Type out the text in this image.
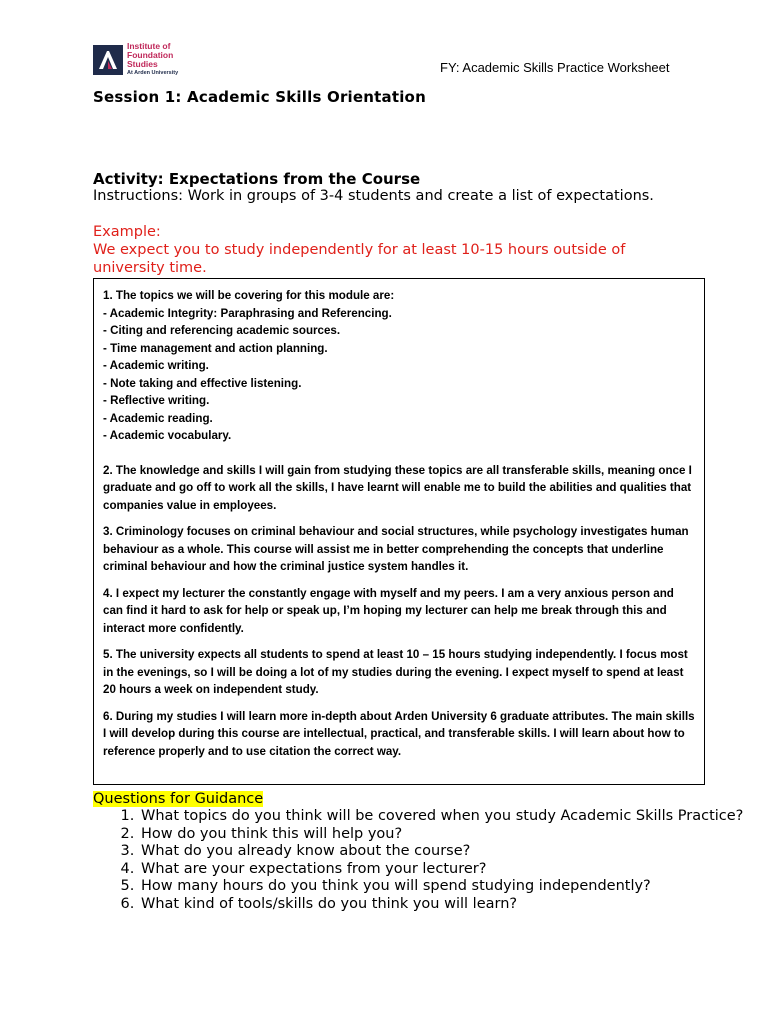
Institute of
Foundation
Studies
At Arden University	FY: Academic Skills Practice Worksheet
Session 1: Academic Skills Orientation
Activity: Expectations from the Course
Instructions: Work in groups of 3-4 students and create a list of expectations.
Example:
We expect you to study independently for at least 10-15 hours outside of university time.

1. The topics we will be covering for this module are:

- Academic Integrity: Paraphrasing and Referencing.
- Citing and referencing academic sources.
- Time management and action planning.
- Academic writing.
- Note taking and effective listening.
- Reflective writing.
- Academic reading.
- Academic vocabulary.

2. The knowledge and skills I will gain from studying these topics are all transferable skills, meaning once I graduate and go off to work all the skills, I have learnt will enable me to build the abilities and qualities that companies value in employees.

3. Criminology focuses on criminal behaviour and social structures, while psychology investigates human behaviour as a whole. This course will assist me in better comprehending the concepts that underline criminal behaviour and how the criminal justice system handles it.

4. I expect my lecturer the constantly engage with myself and my peers. I am a very anxious person and can find it hard to ask for help or speak up, I’m hoping my lecturer can help me break through this and interact more confidently.

5. The university expects all students to spend at least 10 – 15 hours studying independently. I focus most in the evenings, so I will be doing a lot of my studies during the evening. I expect myself to spend at least 20 hours a week on independent study.

6. During my studies I will learn more in-depth about Arden University 6 graduate attributes. The main skills I will develop during this course are intellectual, practical, and transferable skills. I will learn about how to reference properly and to use citation the correct way.

Questions for Guidance
1. What topics do you think will be covered when you study Academic Skills Practice?
2. How do you think this will help you?
3. What do you already know about the course?
4. What are your expectations from your lecturer?
5. How many hours do you think you will spend studying independently?
6. What kind of tools/skills do you think you will learn?
